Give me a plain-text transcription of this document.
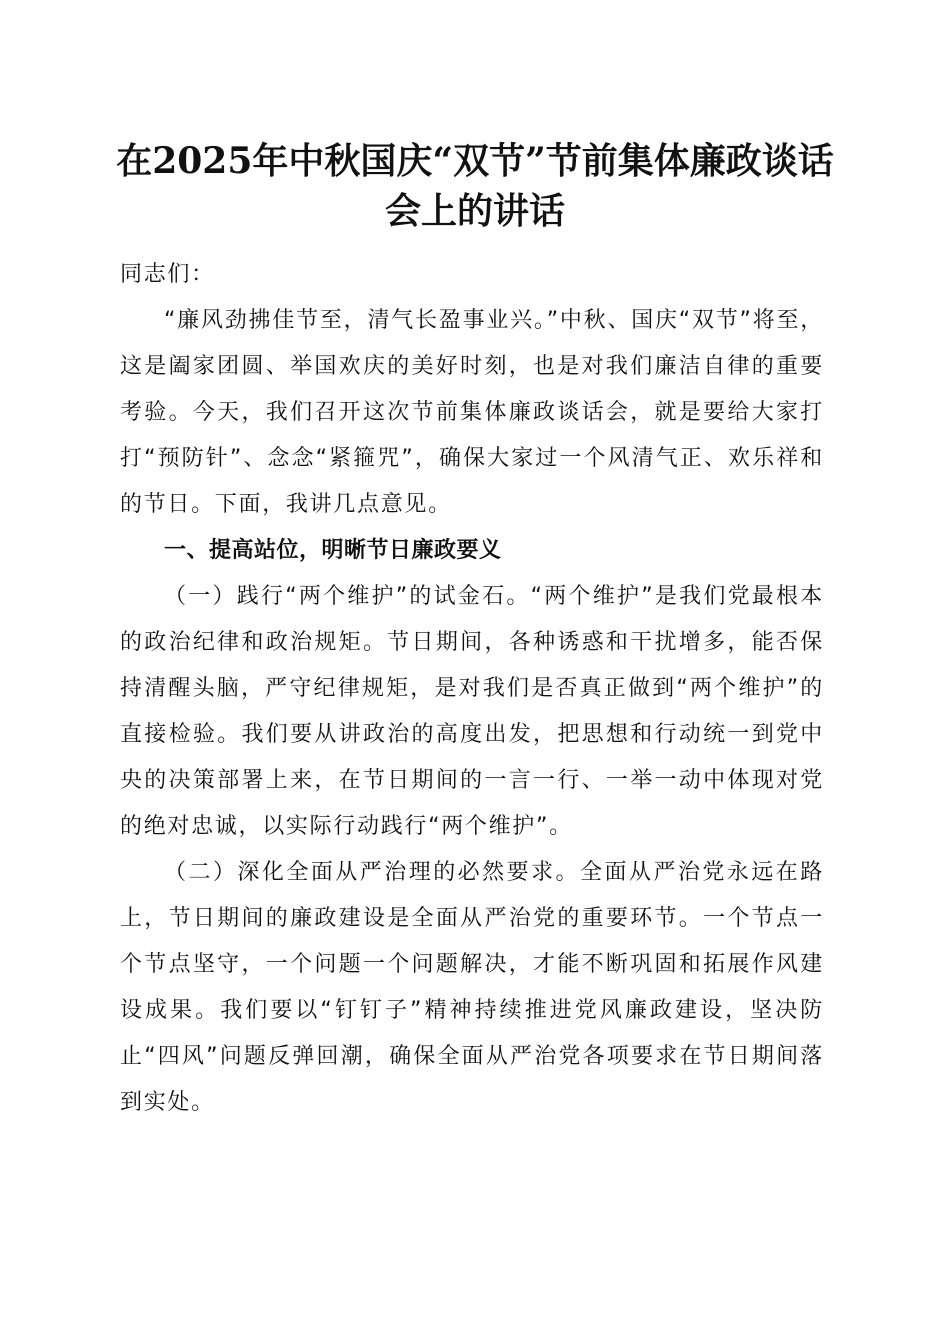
在2025年中秋国庆“双节”节前集体廉政谈话会上的讲话

同志们：

“廉风劲拂佳节至，清气长盈事业兴。”中秋、国庆“双节”将至，这是阖家团圆、举国欢庆的美好时刻，也是对我们廉洁自律的重要考验。今天，我们召开这次节前集体廉政谈话会，就是要给大家打打“预防针”、念念“紧箍咒”，确保大家过一个风清气正、欢乐祥和的节日。下面，我讲几点意见。

一、提高站位，明晰节日廉政要义

（一）践行“两个维护”的试金石。“两个维护”是我们党最根本的政治纪律和政治规矩。节日期间，各种诱惑和干扰增多，能否保持清醒头脑，严守纪律规矩，是对我们是否真正做到“两个维护”的直接检验。我们要从讲政治的高度出发，把思想和行动统一到党中央的决策部署上来，在节日期间的一言一行、一举一动中体现对党的绝对忠诚，以实际行动践行“两个维护”。

（二）深化全面从严治理的必然要求。全面从严治党永远在路上，节日期间的廉政建设是全面从严治党的重要环节。一个节点一个节点坚守，一个问题一个问题解决，才能不断巩固和拓展作风建设成果。我们要以“钉钉子”精神持续推进党风廉政建设，坚决防止“四风”问题反弹回潮，确保全面从严治党各项要求在节日期间落到实处。
